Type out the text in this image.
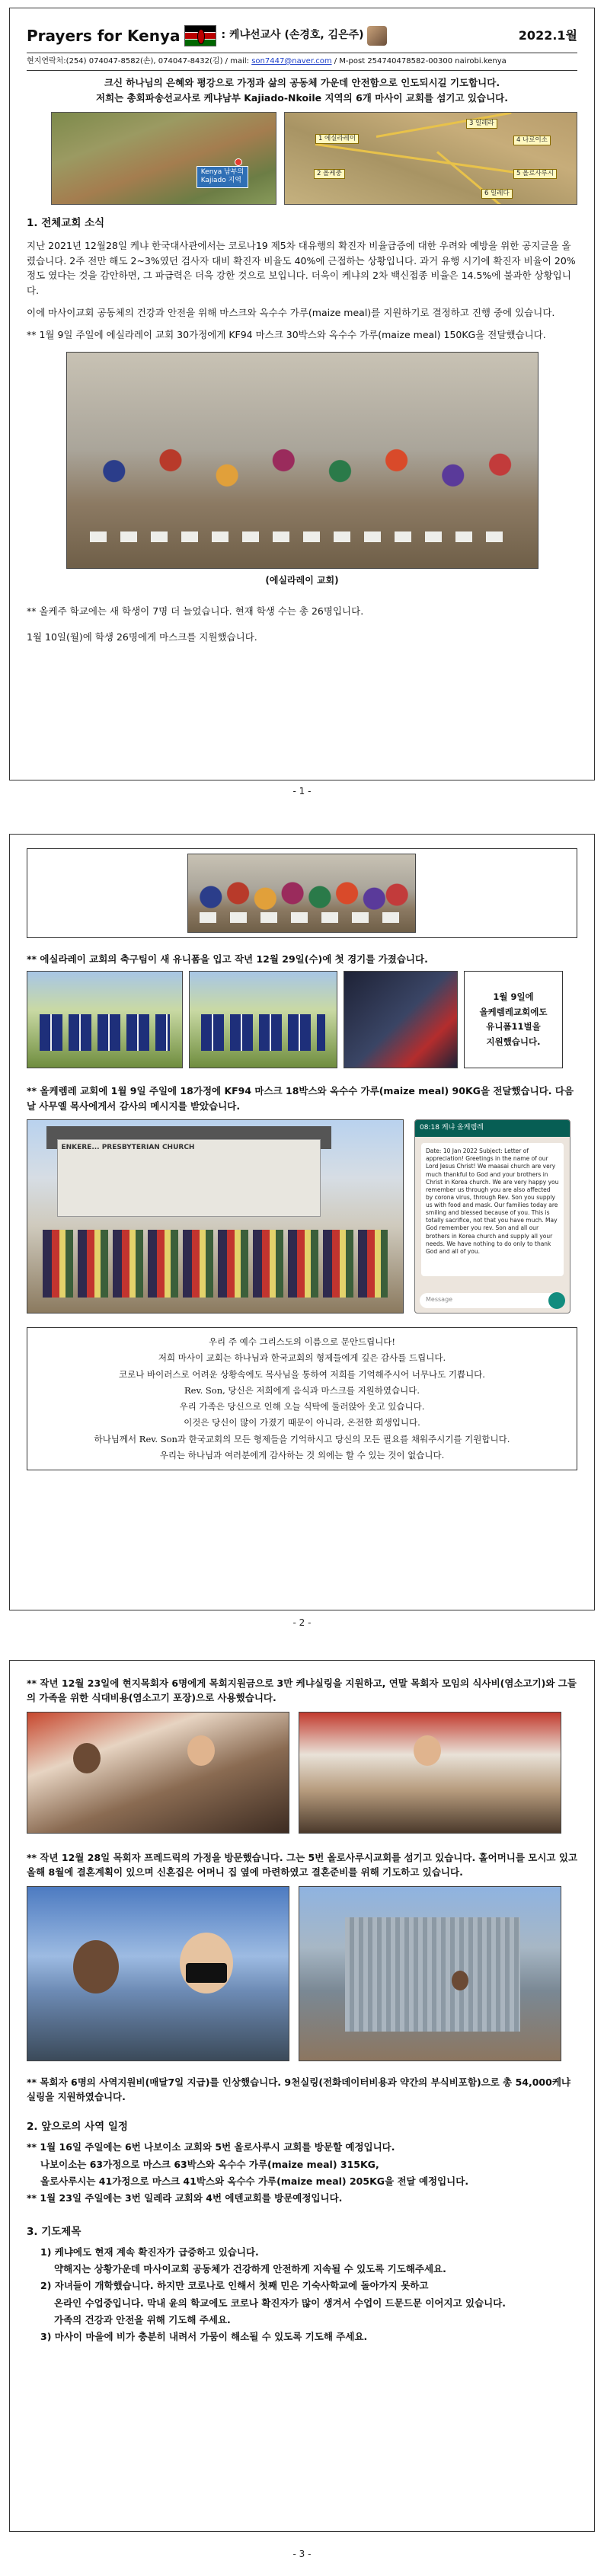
Prayers for Kenya	: 케냐선교사 (손경호, 김은주)	2022.1월
현지연락처:(254) 074047-8582(손), 074047-8432(김) / mail: son7447@naver.com / M-post 254740478582-00300 nairobi.kenya
크신 하나님의 은혜와 평강으로 가정과 삶의 공동체 가운데 안전함으로 인도되시길 기도합니다.
저희는 총회파송선교사로 케냐남부 Kajiado-Nkoile 지역의 6개 마사이 교회를 섬기고 있습니다.
Kenya 남부의
Kajiado 지역
1 에실라레이
2 올케중
3 일레라
4 나로이소
5 올로사루시
6 일레다
1. 전체교회 소식

지난 2021년 12월28일 케냐 한국대사관에서는 코로나19 제5차 대유행의 확진자 비율급증에 대한 우려와 예방을 위한 공지글을 올렸습니다. 2주 전만 해도 2~3%였던 검사자 대비 확진자 비율도 40%에 근접하는 상황입니다. 과거 유행 시기에 확진자 비율이 20% 정도 였다는 것을 감안하면, 그 파급력은 더욱 강한 것으로 보입니다. 더욱이 케냐의 2차 백신접종 비율은 14.5%에 불과한 상황입니다.

이에 마사이교회 공동체의 건강과 안전을 위해 마스크와 옥수수 가루(maize meal)를 지원하기로 결정하고 진행 중에 있습니다.

** 1월 9일 주일에 에실라레이 교회 30가정에게 KF94 마스크 30박스와 옥수수 가루(maize meal) 150KG을 전달했습니다.

(에실라레이 교회)

** 올케주 학교에는 새 학생이 7명 더 늘었습니다. 현재 학생 수는 총 26명입니다.

1월 10일(월)에 학생 26명에게 마스크를 지원했습니다.

- 1 -

** 에실라레이 교회의 축구팀이 새 유니폼을 입고 작년 12월 29일(수)에 첫 경기를 가졌습니다.

1월 9일에
올케렘레교회에도
유니폼11벌을
지원했습니다.

** 올케렘레 교회에 1월 9일 주일에 18가정에 KF94 마스크 18박스와 옥수수 가루(maize meal) 90KG을 전달했습니다. 다음 날 사무엘 목사에게서 감사의 메시지를 받았습니다.

ENKERE... PRESBYTERIAN CHURCH
08:18 케냐 올케렘레
Date: 10 Jan 2022 Subject: Letter of appreciation! Greetings in the name of our Lord Jesus Christ! We maasai church are very much thankful to God and your brothers in Christ in Korea church. We are very happy you remember us through you are also affected by corona virus, through Rev. Son you supply us with food and mask. Our families today are smiling and blessed because of you. This is totally sacrifice, not that you have much. May God remember you rev. Son and all our brothers in Korea church and supply all your needs. We have nothing to do only to thank God and all of you.
Message
우리 주 예수 그리스도의 이름으로 문안드립니다!
저희 마사이 교회는 하나님과 한국교회의 형제들에게 깊은 감사를 드립니다.
코로나 바이러스로 어려운 상황속에도 목사님을 통하여 저희를 기억해주시어 너무나도 기쁩니다.
Rev. Son, 당신은 저희에게 음식과 마스크를 지원하였습니다.
우리 가족은 당신으로 인해 오늘 식탁에 둘러앉아 웃고 있습니다.
이것은 당신이 많이 가졌기 때문이 아니라, 온전한 희생입니다.
하나님께서 Rev. Son과 한국교회의 모든 형제들을 기억하시고 당신의 모든 필요를 채워주시기를 기원합니다.
우리는 하나님과 여러분에게 감사하는 것 외에는 할 수 있는 것이 없습니다.
- 2 -

** 작년 12월 23일에 현지목회자 6명에게 목회지원금으로 3만 케냐실링을 지원하고, 연말 목회자 모임의 식사비(염소고기)와 그들의 가족을 위한 식대비용(염소고기 포장)으로 사용했습니다.

** 작년 12월 28일 목회자 프레드릭의 가정을 방문했습니다. 그는 5번 올로사루시교회를 섬기고 있습니다. 홀어머니를 모시고 있고 올해 8월에 결혼계획이 있으며 신혼집은 어머니 집 옆에 마련하였고 결혼준비를 위해 기도하고 있습니다.

** 목회자 6명의 사역지원비(매달7일 지급)를 인상했습니다. 9천실링(전화데이터비용과 약간의 부식비포함)으로 총 54,000케냐실링을 지원하였습니다.

2. 앞으로의 사역 일정

** 1월 16일 주일에는 6번 나보이소 교회와 5번 올로사루시 교회를 방문할 예정입니다.

나보이소는 63가정으로 마스크 63박스와 옥수수 가루(maize meal) 315KG,

올로사루시는 41가정으로 마스크 41박스와 옥수수 가루(maize meal) 205KG을 전달 예정입니다.

** 1월 23일 주일에는 3번 일레라 교회와 4번 에덴교회를 방문예정입니다.

3. 기도제목

1) 케냐에도 현재 계속 확진자가 급증하고 있습니다.

약해지는 상황가운데 마사이교회 공동체가 건강하게 안전하게 지속될 수 있도록 기도해주세요.

2) 자녀들이 개학했습니다. 하지만 코로나로 인해서 첫째 민은 기숙사학교에 돌아가지 못하고

온라인 수업중입니다. 막내 윤의 학교에도 코로나 확진자가 많이 생겨서 수업이 드문드문 이어지고 있습니다.

가족의 건강과 안전을 위해 기도해 주세요.

3) 마사이 마을에 비가 충분히 내려서 가뭄이 해소될 수 있도록 기도해 주세요.

- 3 -
